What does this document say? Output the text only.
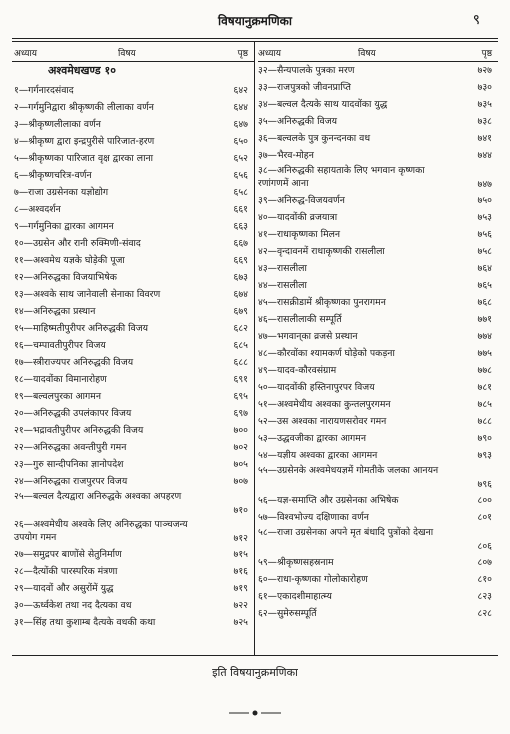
विषयानुक्रमणिका	९
अध्याय	विषय	पृष्ठ
अश्वमेधखण्ड १०
१—गर्गनारदसंवाद	६४२
२—गर्गमुनिद्वारा श्रीकृष्णकी लीलाका वर्णन	६४४
३—श्रीकृष्णलीलाका वर्णन	६४७
४—श्रीकृष्ण द्वारा इन्द्रपुरीसे पारिजात-हरण	६५०
५—श्रीकृष्णका पारिजात वृक्ष द्वारका लाना	६५२
६—श्रीकृष्णचरित्र-वर्णन	६५६
७—राजा उग्रसेनका यज्ञोद्योग	६५८
८—अश्वदर्शन	६६१
९—गर्गमुनिका द्वारका आगमन	६६३
१०—उग्रसेन और रानी रुक्मिणी-संवाद	६६७
११—अश्वमेध यज्ञके घोड़ेकी पूजा	६६९
१२—अनिरुद्धका विजयाभिषेक	६७३
१३—अश्वके साथ जानेवाली सेनाका विवरण	६७४
१४—अनिरुद्धका प्रस्थान	६७९
१५—माहिष्मतीपुरीपर अनिरुद्धकी विजय	६८२
१६—चम्पावतीपुरीपर विजय	६८५
१७—स्त्रीराज्यपर अनिरुद्धकी विजय	६८८
१८—यादवोंका विमानारोहण	६९१
१९—बल्वलपुरका आगमन	६९५
२०—अनिरुद्धकी उपलंकापर विजय	६९७
२१—भद्रावतीपुरीपर अनिरुद्धकी विजय	७००
२२—अनिरुद्धका अवन्तीपुरी गमन	७०२
२३—गुरु सान्दीपनिका ज्ञानोपदेश	७०५
२४—अनिरुद्धका राजपुरपर विजय	७०७
२५—बल्वल दैत्यद्वारा अनिरुद्धके अश्वका अपहरण
७१०
२६—अश्वमेधीय अश्वके लिए अनिरुद्धका पाञ्चजन्य उपयोग गमन	७१२
२७—समुद्रपर बाणोंसे सेतुनिर्माण	७१५
२८—दैत्योंकी पारस्परिक मंत्रणा	७१६
२९—यादवों और असुरोंमें युद्ध	७१९
३०—ऊर्ध्वकेश तथा नद दैत्यका वध	७२२
३१—सिंह तथा कुशाम्ब दैत्यके वधकी कथा	७२५
अध्याय	विषय	पृष्ठ
३२—सैन्यपालके पुत्रका मरण	७२७
३३—राजपुत्रको जीवनप्राप्ति	७३०
३४—बल्वल दैत्यके साथ यादवोंका युद्ध	७३५
३५—अनिरुद्धकी विजय	७३८
३६—बल्वलके पुत्र कुनन्दनका वध	७४१
३७—भैरव-मोहन	७४४
३८—अनिरुद्धकी सहायताके लिए भगवान कृष्णका रणांगणमें आना	७४७
३९—अनिरुद्ध-विजयवर्णन	७५०
४०—यादवोंकी व्रजयात्रा	७५३
४१—राधाकृष्णका मिलन	७५६
४२—वृन्दावनमें राधाकृष्णकी रासलीला	७५८
४३—रासलीला	७६४
४४—रासलीला	७६५
४५—रासक्रीडामें श्रीकृष्णका पुनरागमन	७६८
४६—रासलीलाकी सम्पूर्ति	७७१
४७—भगवान्‌का व्रजसे प्रस्थान	७७४
४८—कौरवोंका श्यामकर्ण घोड़ेको पकड़ना	७७५
४९—यादव-कौरवसंग्राम	७७८
५०—यादवोंकी हस्तिनापुरपर विजय	७८१
५१—अश्वमेधीय अश्वका कुन्तलपुरगमन	७८५
५२—उस अश्वका नारायणसरोवर गमन	७८८
५३—उद्धवजीका द्वारका आगमन	७९०
५४—यज्ञीय अश्वका द्वारका आगमन	७९३
५५—उग्रसेनके अश्वमेधयज्ञमें गोमतीके जलका आनयन
७९६
५६—यज्ञ-समाप्ति और उग्रसेनका अभिषेक	८००
५७—विश्वभोज्य दक्षिणाका वर्णन	८०१
५८—राजा उग्रसेनका अपने मृत बंधादि पुत्रोंको देखना
८०६
५९—श्रीकृष्णसहस्रनाम	८०७
६०—राधा-कृष्णका गोलोकारोहण	८१०
६१—एकादशीमाहात्म्य	८२३
६२—सुमेरुसम्पूर्ति	८२८
इति विषयानुक्रमणिका
